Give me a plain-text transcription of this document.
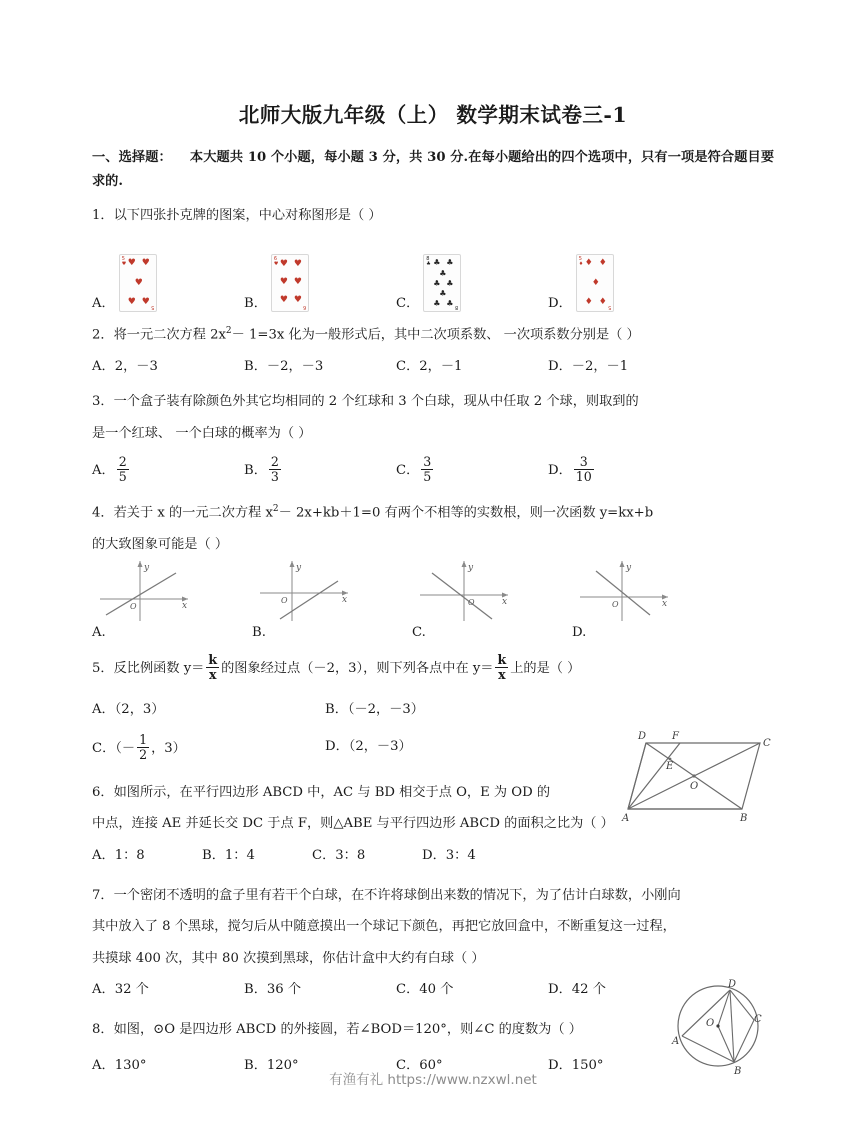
北师大版九年级（上） 数学期末试卷三-1
一、选择题： 本大题共 10 个小题，每小题 3 分，共 30 分.在每小题给出的四个选项中，只有一项是符合题目要求的.
1．以下四张扑克牌的图案，中心对称图形是（ ）
A．
5
♥
5
♥ ♥
♥
♥ ♥	B．
6
♥
6
♥ ♥
♥ ♥
♥ ♥	C．
8
♣
8
♣ ♣
♣
♣ ♣
♣
♣ ♣	D．
5
♦
5
♦ ♦
♦
♦ ♦
2．将一元二次方程 $2x^2- 1=3x$ 化为一般形式后，其中二次项系数、 一次项系数分别是（ ）
A．2，－3	B．－2，－3	C．2，－1	D．－2，－1
3．一个盒子装有除颜色外其它均相同的 2 个红球和 3 个白球，现从中任取 2 个球，则取到的
是一个红球、 一个白球的概率为（ ）
A． $\frac{2}{5}$	B． $\frac{2}{3}$	C． $\frac{3}{5}$	D． $\frac{3}{10}$
4．若关于 x 的一元二次方程 $x^2- 2x+kb+1=0$ 有两个不相等的实数根，则一次函数 y=kx+b
的大致图象可能是（ ）
y
x
O
A.
y
x
O
B.
y
x
O
C.
y
x
O
D.
5．反比例函数 $y= \frac{k}{x}$ 的图象经过点（－2，3），则下列各点中在 $y= \frac{k}{x}$ 上的是（ ）
A．（2，3）	B．（－2，－3）
C．（－ $\frac{1}{2}$ ，3）	D．（2，－3）
D	F
C
E
O
A	B
6．如图所示，在平行四边形 ABCD 中，AC 与 BD 相交于点 O，E 为 OD 的
中点，连接 AE 并延长交 DC 于点 F，则△ABE 与平行四边形 ABCD 的面积之比为（ ）
A．1：8	B．1：4	C．3：8	D．3：4
7．一个密闭不透明的盒子里有若干个白球，在不许将球倒出来数的情况下，为了估计白球数，小刚向
其中放入了 8 个黑球，搅匀后从中随意摸出一个球记下颜色，再把它放回盒中，不断重复这一过程，
共摸球 400 次，其中 80 次摸到黑球，你估计盒中大约有白球（ ）
A．32 个	B．36 个	C．40 个	D．42 个	D
C
A
B
O
8．如图，⊙O 是四边形 ABCD 的外接圆，若∠BOD＝120°，则∠C 的度数为（ ）
A．130°	B．120°	C．60°	D．150°
有渔有礼 https://www.nzxwl.net
